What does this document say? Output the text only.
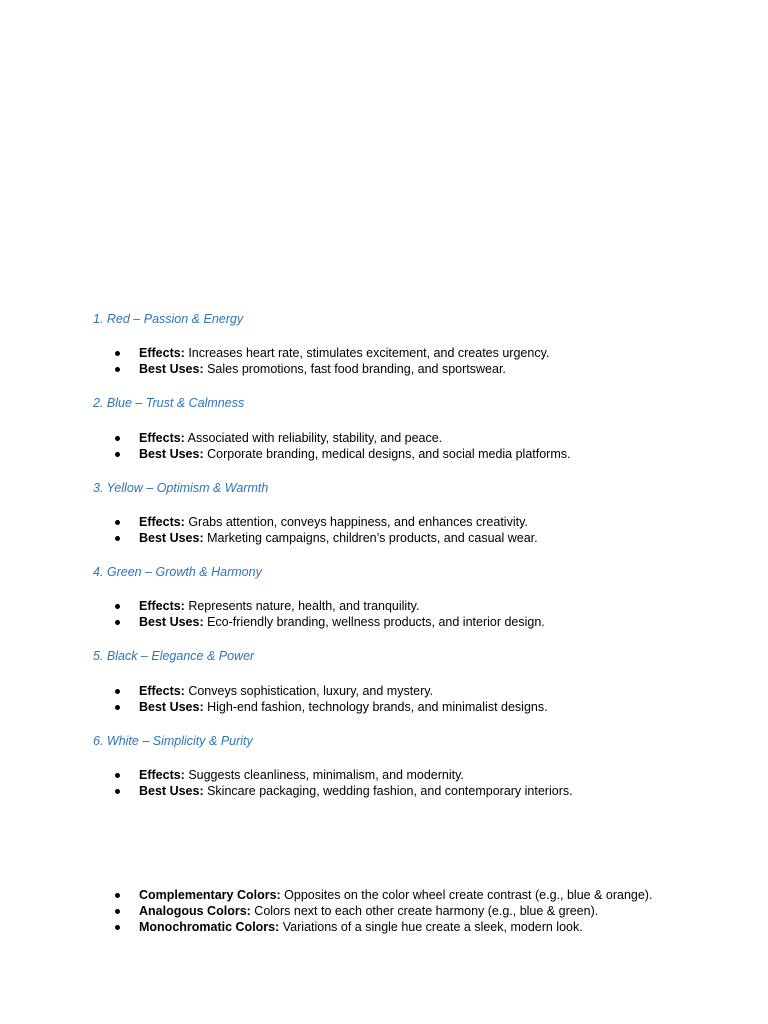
1. Red – Passion & Energy
Effects: Increases heart rate, stimulates excitement, and creates urgency.
Best Uses: Sales promotions, fast food branding, and sportswear.
2. Blue – Trust & Calmness
Effects: Associated with reliability, stability, and peace.
Best Uses: Corporate branding, medical designs, and social media platforms.
3. Yellow – Optimism & Warmth
Effects: Grabs attention, conveys happiness, and enhances creativity.
Best Uses: Marketing campaigns, children’s products, and casual wear.
4. Green – Growth & Harmony
Effects: Represents nature, health, and tranquility.
Best Uses: Eco-friendly branding, wellness products, and interior design.
5. Black – Elegance & Power
Effects: Conveys sophistication, luxury, and mystery.
Best Uses: High-end fashion, technology brands, and minimalist designs.
6. White – Simplicity & Purity
Effects: Suggests cleanliness, minimalism, and modernity.
Best Uses: Skincare packaging, wedding fashion, and contemporary interiors.
Complementary Colors: Opposites on the color wheel create contrast (e.g., blue & orange).
Analogous Colors: Colors next to each other create harmony (e.g., blue & green).
Monochromatic Colors: Variations of a single hue create a sleek, modern look.
